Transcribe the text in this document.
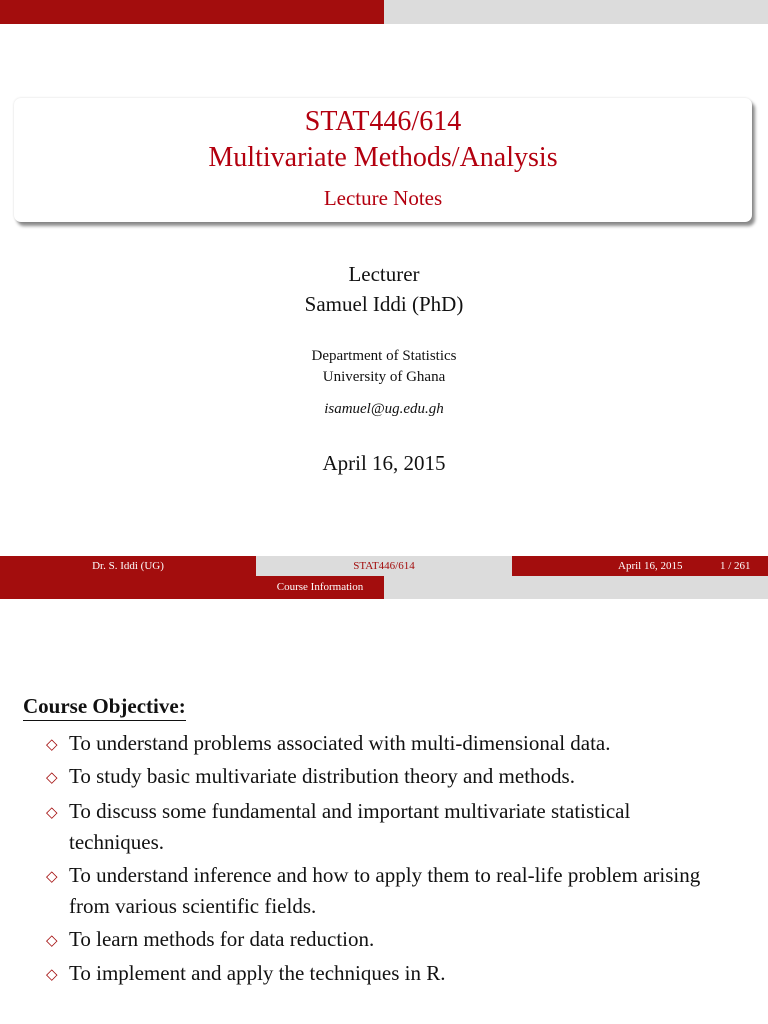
STAT446/614
Multivariate Methods/Analysis
Lecture Notes
Lecturer
Samuel Iddi (PhD)
Department of Statistics
University of Ghana
isamuel@ug.edu.gh
April 16, 2015
Dr. S. Iddi (UG)	STAT446/614	April 16, 2015	1 / 261
Course Information
Course Objective:
◇ To understand problems associated with multi-dimensional data.
◇ To study basic multivariate distribution theory and methods.
◇ To discuss some fundamental and important multivariate statistical techniques.
◇ To understand inference and how to apply them to real-life problem arising from various scientific fields.
◇ To learn methods for data reduction.
◇ To implement and apply the techniques in R.
